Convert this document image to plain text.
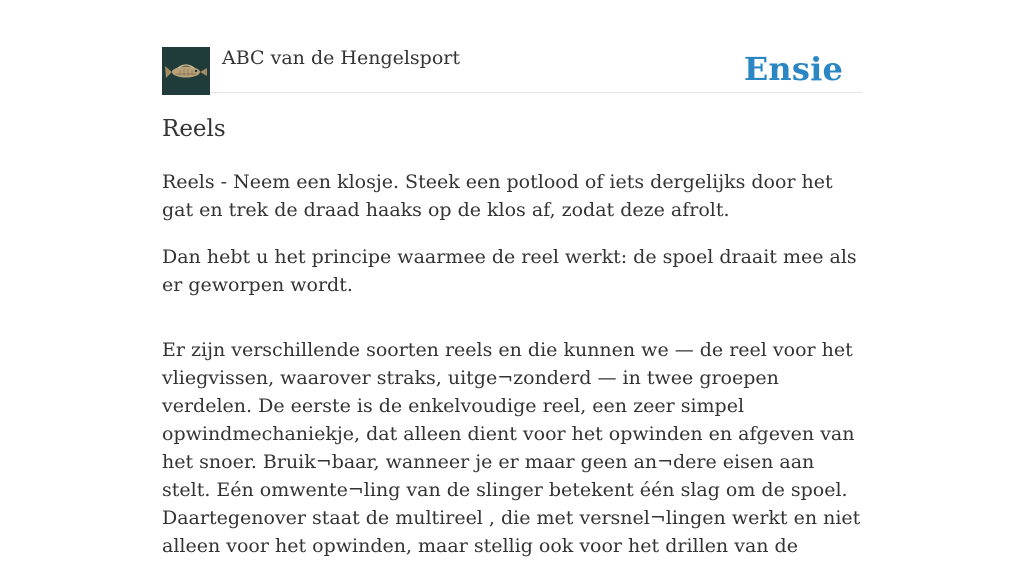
ABC van de Hengelsport	Ensie
Reels

Reels - Neem een klosje. Steek een potlood of iets dergelijks door het gat en trek de draad haaks op de klos af, zodat deze afrolt.

Dan hebt u het principe waarmee de reel werkt: de spoel draait mee als er geworpen wordt.

Er zijn verschillende soorten reels en die kunnen we — de reel voor het vliegvissen, waarover straks, uitge¬zonderd — in twee groepen verdelen. De eerste is de enkelvoudige reel, een zeer simpel opwindmechaniekje, dat alleen dient voor het opwinden en afgeven van het snoer. Bruik¬baar, wanneer je er maar geen an¬dere eisen aan stelt. Eén omwente¬ling van de slinger betekent één slag om de spoel. Daartegenover staat de multireel , die met versnel¬lingen werkt en niet alleen voor het opwinden, maar stellig ook voor het drillen van de
